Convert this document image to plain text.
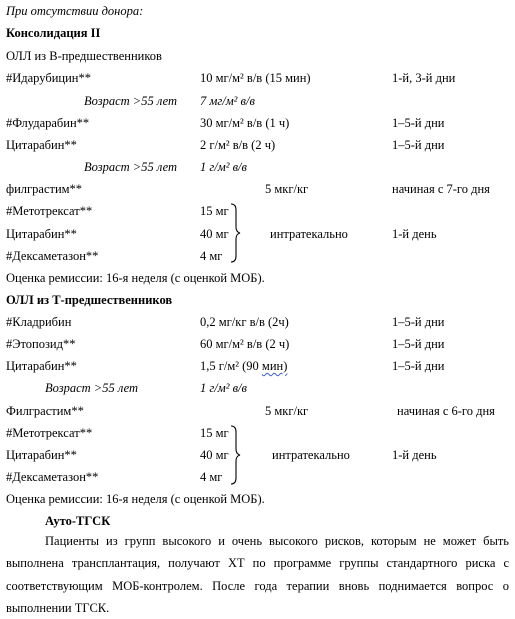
При отсутствии донора:
Консолидация II
ОЛЛ из В-предшественников
#Идарубицин**	10 мг/м² в/в (15 мин)	1-й, 3-й дни
Возраст >55 лет 7 мг/м² в/в
#Флударабин**	30 мг/м² в/в (1 ч)	1–5-й дни
Цитарабин**	2 г/м² в/в (2 ч)	1–5-й дни
Возраст >55 лет 1 г/м² в/в
филграстим**	5 мкг/кг	начиная с 7-го дня
#Метотрексат**	15 мг
Цитарабин**	40 мг
#Дексаметазон**	4 мг
интратекально	1-й день
Оценка ремиссии: 16-я неделя (с оценкой МОБ).
ОЛЛ из Т-предшественников
#Кладрибин	0,2 мг/кг в/в (2ч)	1–5-й дни
#Этопозид**	60 мг/м² в/в (2 ч)	1–5-й дни
Цитарабин**	1,5 г/м² (90 мин)	1–5-й дни
Возраст >55 лет	1 г/м² в/в
Филграстим**	5 мкг/кг	начиная с 6-го дня
#Метотрексат**	15 мг
Цитарабин**	40 мг
#Дексаметазон**	4 мг
интратекально	1-й день
Оценка ремиссии: 16-я неделя (с оценкой МОБ).
Ауто-ТГСК
Пациенты из групп высокого и очень высокого рисков, которым не может быть выполнена трансплантация, получают ХТ по программе группы стандартного риска с соответствующим МОБ-контролем. После года терапии вновь поднимается вопрос о выполнении ТГСК.
